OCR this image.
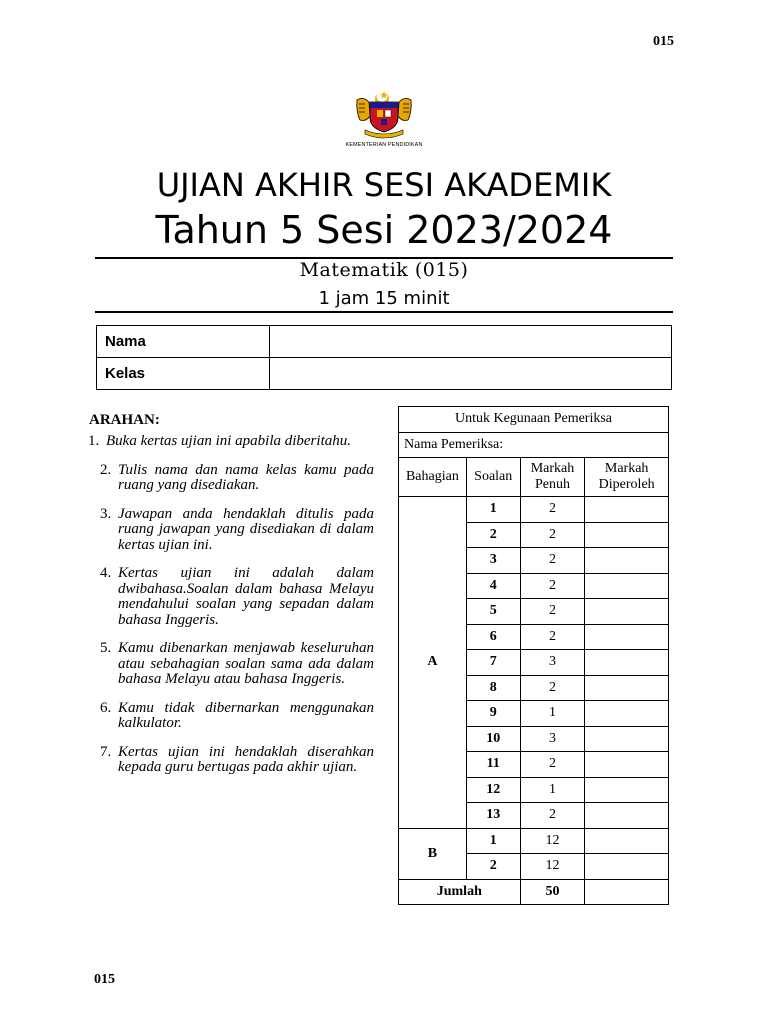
015
KEMENTERIAN PENDIDIKAN
UJIAN AKHIR SESI AKADEMIK
Tahun 5 Sesi 2023/2024
Matematik (015)
1 jam 15 minit
Nama	
Kelas	
ARAHAN:
1. Buka kertas ujian ini apabila diberitahu.
2. Tulis nama dan nama kelas kamu pada ruang yang disediakan.
3. Jawapan anda hendaklah ditulis pada ruang jawapan yang disediakan di dalam kertas ujian ini.
4. Kertas ujian ini adalah dalam dwibahasa.Soalan dalam bahasa Melayu mendahului soalan yang sepadan dalam bahasa Inggeris.
5. Kamu dibenarkan menjawab keseluruhan atau sebahagian soalan sama ada dalam bahasa Melayu atau bahasa Inggeris.
6. Kamu tidak dibernarkan menggunakan kalkulator.
7. Kertas ujian ini hendaklah diserahkan kepada guru bertugas pada akhir ujian.
Untuk Kegunaan Pemeriksa			
Nama Pemeriksa:			
Bahagian	Soalan	Markah Penuh	Markah Diperoleh
A	1	2	
	2	2	
	3	2	
	4	2	
	5	2	
	6	2	
	7	3	
	8	2	
	9	1	
	10	3	
	11	2	
	12	1	
	13	2	
B	1	12	
	2	12	
Jumlah		50	
015
